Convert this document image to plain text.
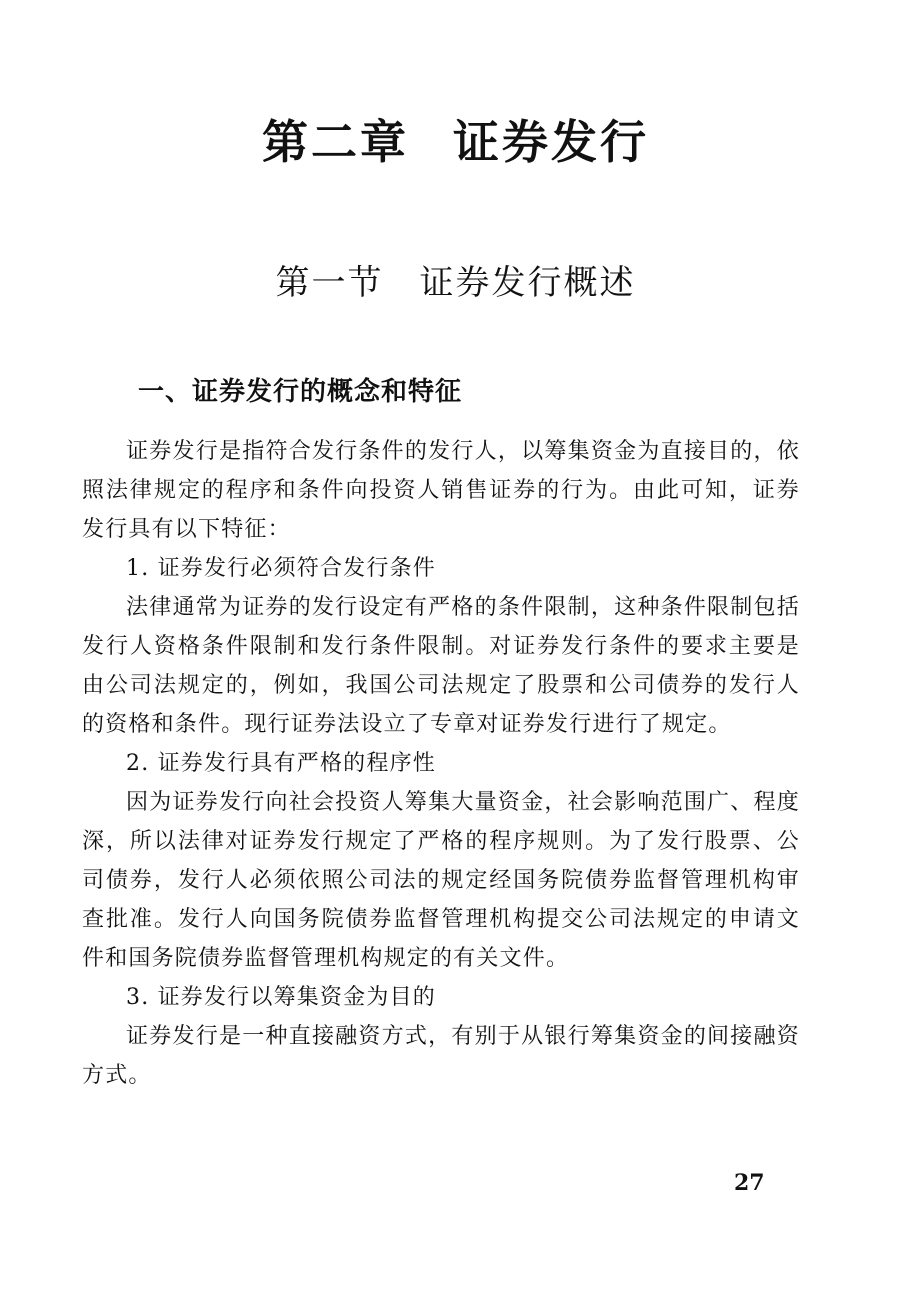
第二章 证券发行
第一节 证券发行概述
一、证券发行的概念和特征

证券发行是指符合发行条件的发行人，以筹集资金为直接目的，依照法律规定的程序和条件向投资人销售证券的行为。由此可知，证券发行具有以下特征：

1. 证券发行必须符合发行条件

法律通常为证券的发行设定有严格的条件限制，这种条件限制包括发行人资格条件限制和发行条件限制。对证券发行条件的要求主要是由公司法规定的，例如，我国公司法规定了股票和公司债券的发行人的资格和条件。现行证券法设立了专章对证券发行进行了规定。

2. 证券发行具有严格的程序性

因为证券发行向社会投资人筹集大量资金，社会影响范围广、程度深，所以法律对证券发行规定了严格的程序规则。为了发行股票、公司债券，发行人必须依照公司法的规定经国务院债券监督管理机构审查批准。发行人向国务院债券监督管理机构提交公司法规定的申请文件和国务院债券监督管理机构规定的有关文件。

3. 证券发行以筹集资金为目的

证券发行是一种直接融资方式，有别于从银行筹集资金的间接融资方式。

27
